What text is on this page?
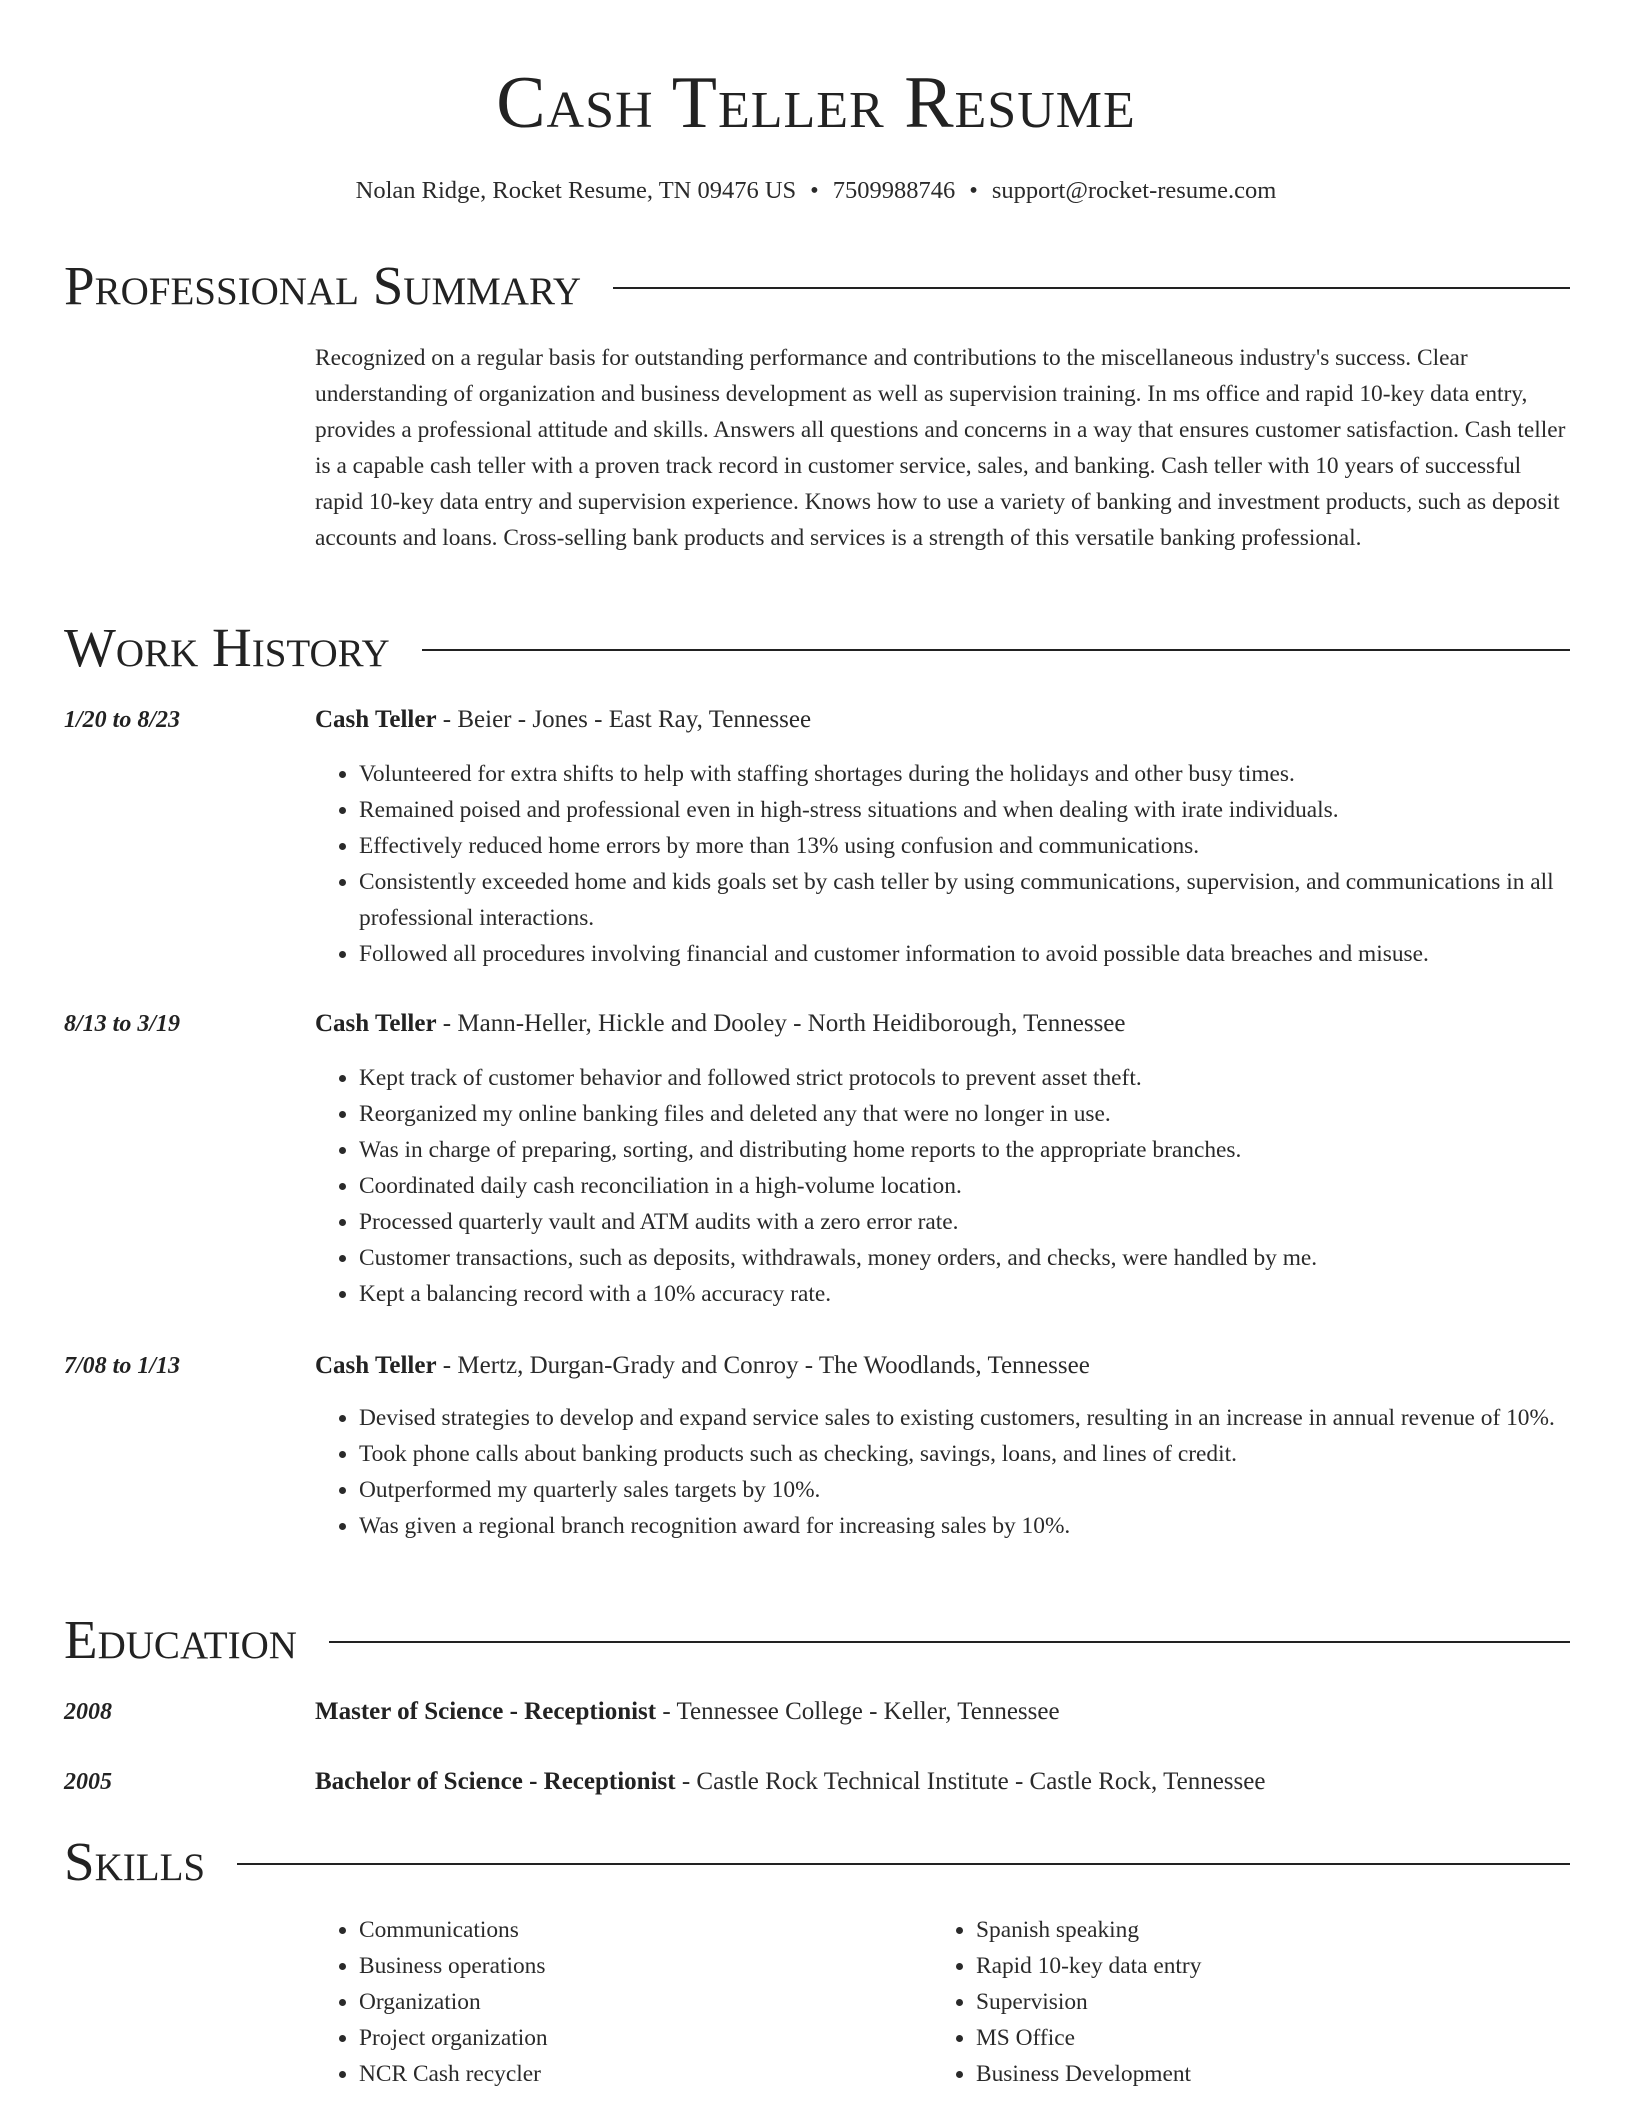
Cash Teller Resume
Nolan Ridge, Rocket Resume, TN 09476 US • 7509988746 • support@rocket-resume.com
Professional Summary

Recognized on a regular basis for outstanding performance and contributions to the miscellaneous industry's success. Clear understanding of organization and business development as well as supervision training. In ms office and rapid 10-key data entry, provides a professional attitude and skills. Answers all questions and concerns in a way that ensures customer satisfaction. Cash teller is a capable cash teller with a proven track record in customer service, sales, and banking. Cash teller with 10 years of successful rapid 10-key data entry and supervision experience. Knows how to use a variety of banking and investment products, such as deposit accounts and loans. Cross-selling bank products and services is a strength of this versatile banking professional.

Work History
1/20 to 8/23	Cash Teller - Beier - Jones - East Ray, Tennessee
• Volunteered for extra shifts to help with staffing shortages during the holidays and other busy times.
• Remained poised and professional even in high-stress situations and when dealing with irate individuals.
• Effectively reduced home errors by more than 13% using confusion and communications.
• Consistently exceeded home and kids goals set by cash teller by using communications, supervision, and communications in all professional interactions.
• Followed all procedures involving financial and customer information to avoid possible data breaches and misuse.
8/13 to 3/19	Cash Teller - Mann-Heller, Hickle and Dooley - North Heidiborough, Tennessee
• Kept track of customer behavior and followed strict protocols to prevent asset theft.
• Reorganized my online banking files and deleted any that were no longer in use.
• Was in charge of preparing, sorting, and distributing home reports to the appropriate branches.
• Coordinated daily cash reconciliation in a high-volume location.
• Processed quarterly vault and ATM audits with a zero error rate.
• Customer transactions, such as deposits, withdrawals, money orders, and checks, were handled by me.
• Kept a balancing record with a 10% accuracy rate.
7/08 to 1/13	Cash Teller - Mertz, Durgan-Grady and Conroy - The Woodlands, Tennessee
• Devised strategies to develop and expand service sales to existing customers, resulting in an increase in annual revenue of 10%.
• Took phone calls about banking products such as checking, savings, loans, and lines of credit.
• Outperformed my quarterly sales targets by 10%.
• Was given a regional branch recognition award for increasing sales by 10%.
Education
2008	Master of Science - Receptionist - Tennessee College - Keller, Tennessee
2005	Bachelor of Science - Receptionist - Castle Rock Technical Institute - Castle Rock, Tennessee
Skills
• Communications
• Business operations
• Organization
• Project organization
• NCR Cash recycler
• Spanish speaking
• Rapid 10-key data entry
• Supervision
• MS Office
• Business Development
